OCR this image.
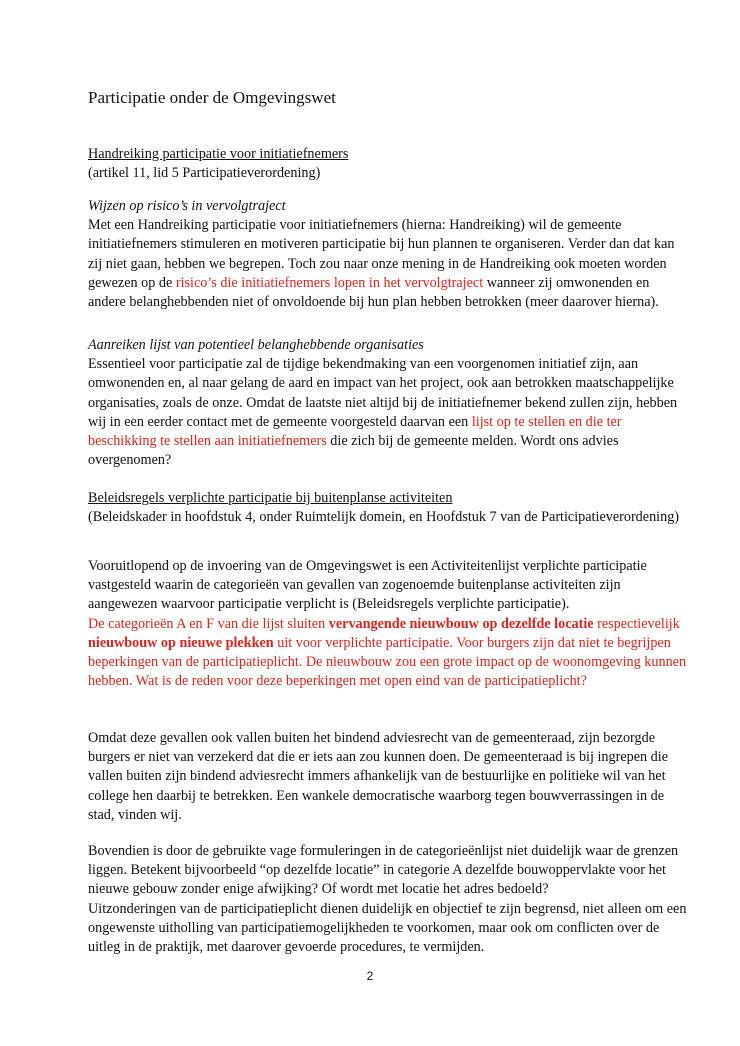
Participatie onder de Omgevingswet

Handreiking participatie voor initiatiefnemers

(artikel 11, lid 5 Participatieverordening)

Wijzen op risico’s in vervolgtraject

Met een Handreiking participatie voor initiatiefnemers (hierna: Handreiking) wil de gemeente initiatiefnemers stimuleren en motiveren participatie bij hun plannen te organiseren. Verder dan dat kan zij niet gaan, hebben we begrepen. Toch zou naar onze mening in de Handreiking ook moeten worden gewezen op de risico’s die initiatiefnemers lopen in het vervolgtraject wanneer zij omwonenden en andere belanghebbenden niet of onvoldoende bij hun plan hebben betrokken (meer daarover hierna).

Aanreiken lijst van potentieel belanghebbende organisaties

Essentieel voor participatie zal de tijdige bekendmaking van een voorgenomen initiatief zijn, aan omwonenden en, al naar gelang de aard en impact van het project, ook aan betrokken maatschappelijke organisaties, zoals de onze. Omdat de laatste niet altijd bij de initiatiefnemer bekend zullen zijn, hebben wij in een eerder contact met de gemeente voorgesteld daarvan een lijst op te stellen en die ter beschikking te stellen aan initiatiefnemers die zich bij de gemeente melden. Wordt ons advies overgenomen?

Beleidsregels verplichte participatie bij buitenplanse activiteiten

(Beleidskader in hoofdstuk 4, onder Ruimtelijk domein, en Hoofdstuk 7 van de Participatieverordening)

Vooruitlopend op de invoering van de Omgevingswet is een Activiteitenlijst verplichte participatie vastgesteld waarin de categorieën van gevallen van zogenoemde buitenplanse activiteiten zijn aangewezen waarvoor participatie verplicht is (Beleidsregels verplichte participatie).

De categorieën A en F van die lijst sluiten vervangende nieuwbouw op dezelfde locatie respectievelijk nieuwbouw op nieuwe plekken uit voor verplichte participatie. Voor burgers zijn dat niet te begrijpen beperkingen van de participatieplicht. De nieuwbouw zou een grote impact op de woonomgeving kunnen hebben. Wat is de reden voor deze beperkingen met open eind van de participatieplicht?

Omdat deze gevallen ook vallen buiten het bindend adviesrecht van de gemeenteraad, zijn bezorgde burgers er niet van verzekerd dat die er iets aan zou kunnen doen. De gemeenteraad is bij ingrepen die vallen buiten zijn bindend adviesrecht immers afhankelijk van de bestuurlijke en politieke wil van het college hen daarbij te betrekken. Een wankele democratische waarborg tegen bouwverrassingen in de stad, vinden wij.

Bovendien is door de gebruikte vage formuleringen in de categorieënlijst niet duidelijk waar de grenzen liggen. Betekent bijvoorbeeld “op dezelfde locatie” in categorie A dezelfde bouwoppervlakte voor het nieuwe gebouw zonder enige afwijking? Of wordt met locatie het adres bedoeld?

Uitzonderingen van de participatieplicht dienen duidelijk en objectief te zijn begrensd, niet alleen om een ongewenste uitholling van participatiemogelijkheden te voorkomen, maar ook om conflicten over de uitleg in de praktijk, met daarover gevoerde procedures, te vermijden.

2
